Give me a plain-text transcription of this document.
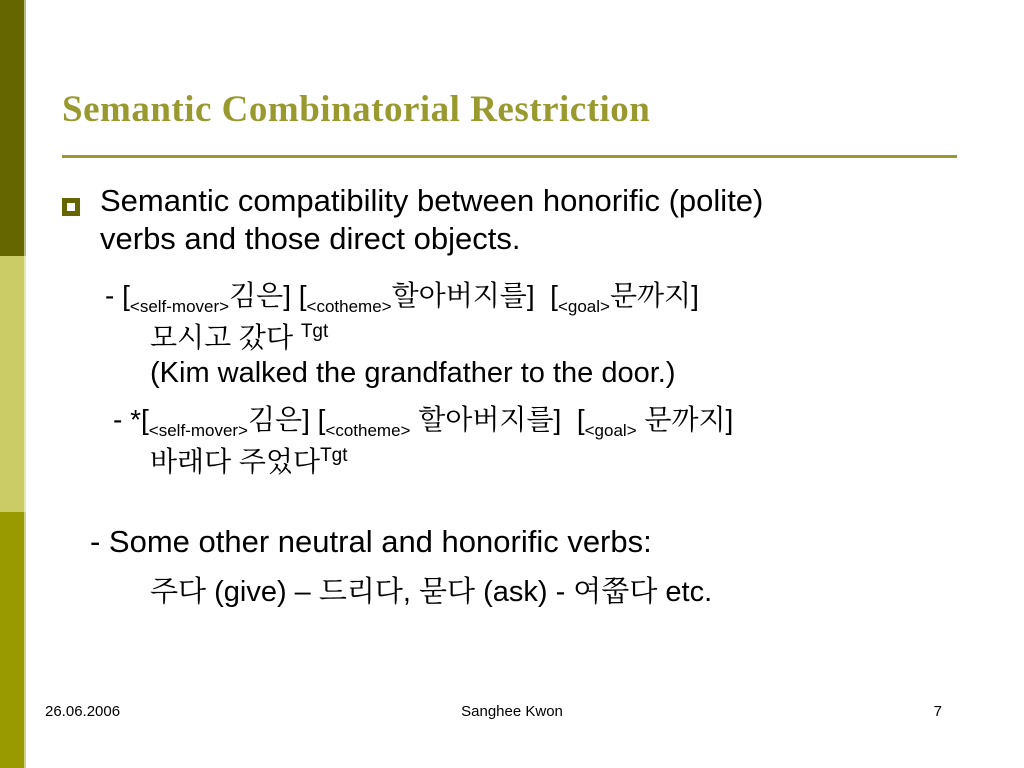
Semantic Combinatorial Restriction
Semantic compatibility between honorific (polite)
verbs and those direct objects.
- [$_{<self-mover>}$김은] [$_{<cotheme>}$할아버지를]  [$_{<goal>}$문까지]
모시고 갔다 $^{Tgt}$
(Kim walked the grandfather to the door.)
- $*[_{<self-mover>}$김은] [$_{<cotheme>}$ 할아버지를]  [$_{<goal>}$ 문까지]
바래다 주었다$^{Tgt}$
- Some other neutral and honorific verbs:
주다 (give) – 드리다, 묻다 (ask) - 여쭙다 etc.
26.06.2006	Sanghee Kwon	7
